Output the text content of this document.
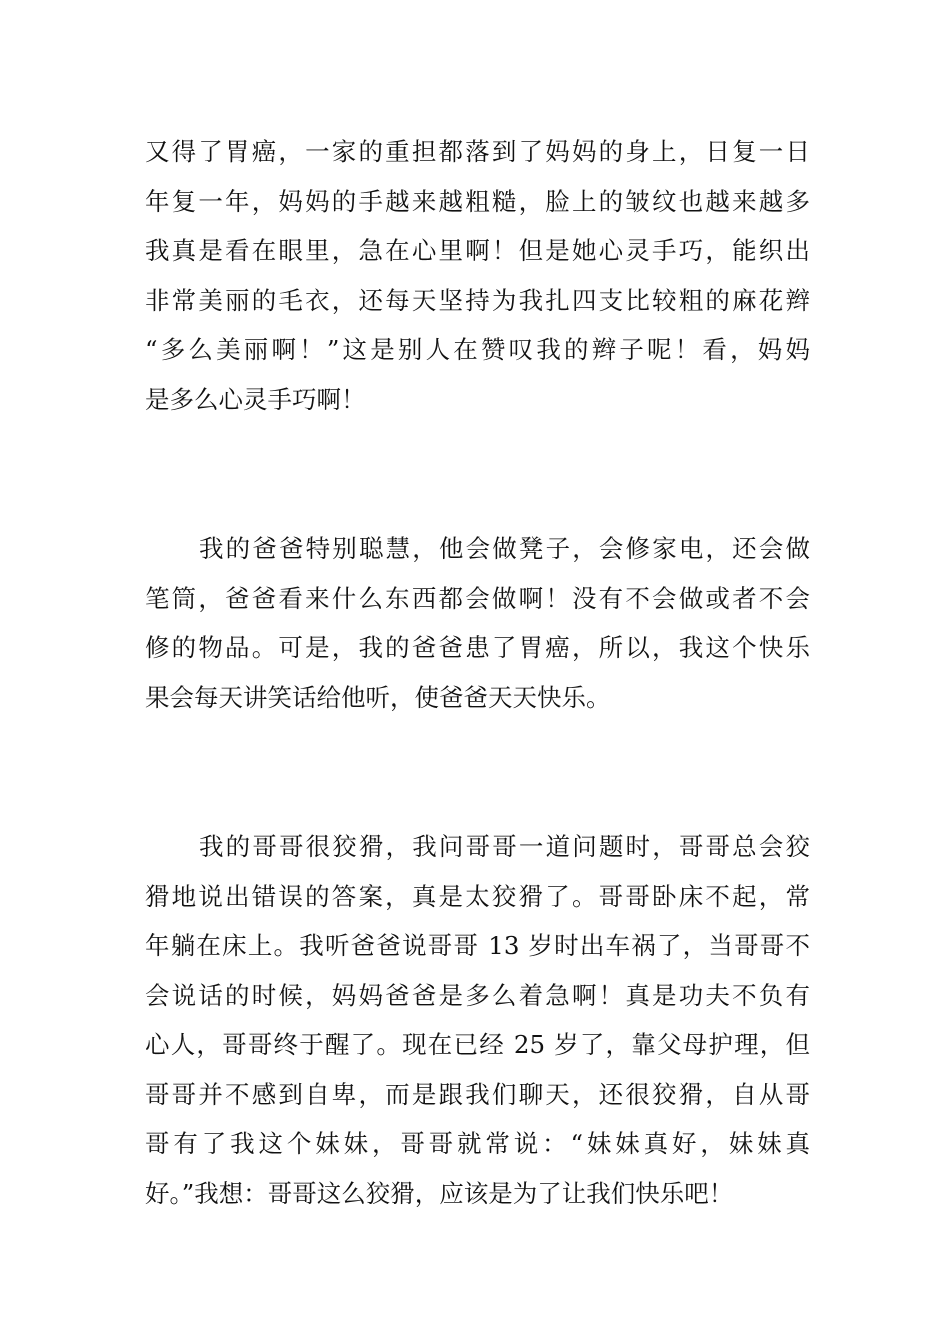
又得了胃癌，一家的重担都落到了妈妈的身上，日复一日
年复一年，妈妈的手越来越粗糙，脸上的皱纹也越来越多
我真是看在眼里，急在心里啊！但是她心灵手巧，能织出
非常美丽的毛衣，还每天坚持为我扎四支比较粗的麻花辫
“多么美丽啊！”这是别人在赞叹我的辫子呢！看，妈妈
是多么心灵手巧啊！
我的爸爸特别聪慧，他会做凳子，会修家电，还会做
笔筒，爸爸看来什么东西都会做啊！没有不会做或者不会
修的物品。可是，我的爸爸患了胃癌，所以，我这个快乐
果会每天讲笑话给他听，使爸爸天天快乐。
我的哥哥很狡猾，我问哥哥一道问题时，哥哥总会狡
猾地说出错误的答案，真是太狡猾了。哥哥卧床不起，常
年躺在床上。我听爸爸说哥哥 13 岁时出车祸了，当哥哥不
会说话的时候，妈妈爸爸是多么着急啊！真是功夫不负有
心人，哥哥终于醒了。现在已经 25 岁了，靠父母护理，但
哥哥并不感到自卑，而是跟我们聊天，还很狡猾，自从哥
哥有了我这个妹妹，哥哥就常说：“妹妹真好，妹妹真
好。”我想：哥哥这么狡猾，应该是为了让我们快乐吧！
